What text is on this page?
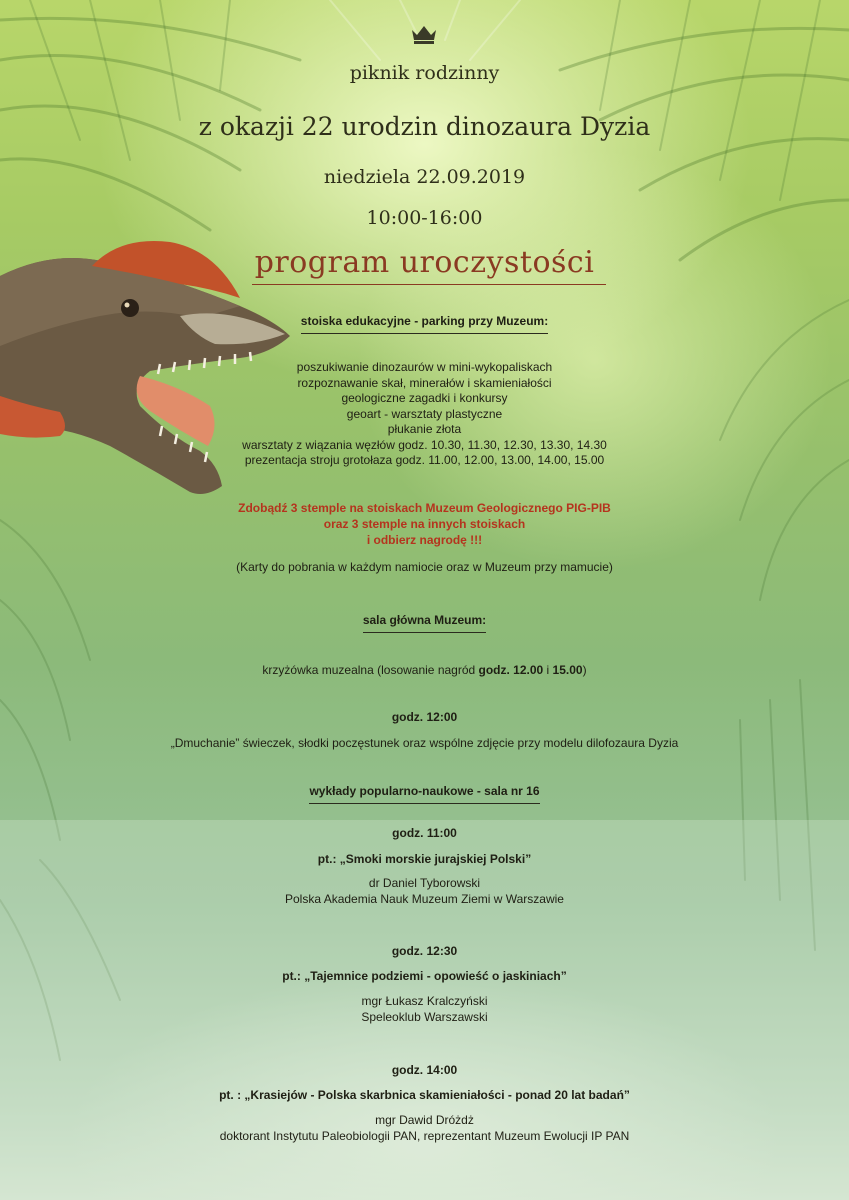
piknik rodzinny
z okazji 22 urodzin dinozaura Dyzia
niedziela 22.09.2019
10:00-16:00
program uroczystości
stoiska edukacyjne - parking przy Muzeum:
poszukiwanie dinozaurów w mini-wykopaliskach
rozpoznawanie skał, minerałów i skamieniałości
geologiczne zagadki i konkursy
geoart - warsztaty plastyczne
płukanie złota
warsztaty z wiązania węzłów godz. 10.30, 11.30, 12.30, 13.30, 14.30
prezentacja stroju grotołaza godz. 11.00, 12.00, 13.00, 14.00, 15.00
Zdobądź 3 stemple na stoiskach Muzeum Geologicznego PIG-PIB
oraz 3 stemple na innych stoiskach
i odbierz nagrodę !!!
(Karty do pobrania w każdym namiocie oraz w Muzeum przy mamucie)
sala główna Muzeum:
krzyżówka muzealna (losowanie nagród godz. 12.00 i 15.00)
godz. 12:00
„Dmuchanie” świeczek, słodki poczęstunek oraz wspólne zdjęcie przy modelu dilofozaura Dyzia
wykłady popularno-naukowe - sala nr 16
godz. 11:00
pt.: „Smoki morskie jurajskiej Polski”
dr Daniel Tyborowski
Polska Akademia Nauk Muzeum Ziemi w Warszawie
godz. 12:30
pt.: „Tajemnice podziemi - opowieść o jaskiniach”
mgr Łukasz Kralczyński
Speleoklub Warszawski
godz. 14:00
pt. : „Krasiejów - Polska skarbnica skamieniałości - ponad 20 lat badań”
mgr Dawid Dróżdż
doktorant Instytutu Paleobiologii PAN, reprezentant Muzeum Ewolucji IP PAN
